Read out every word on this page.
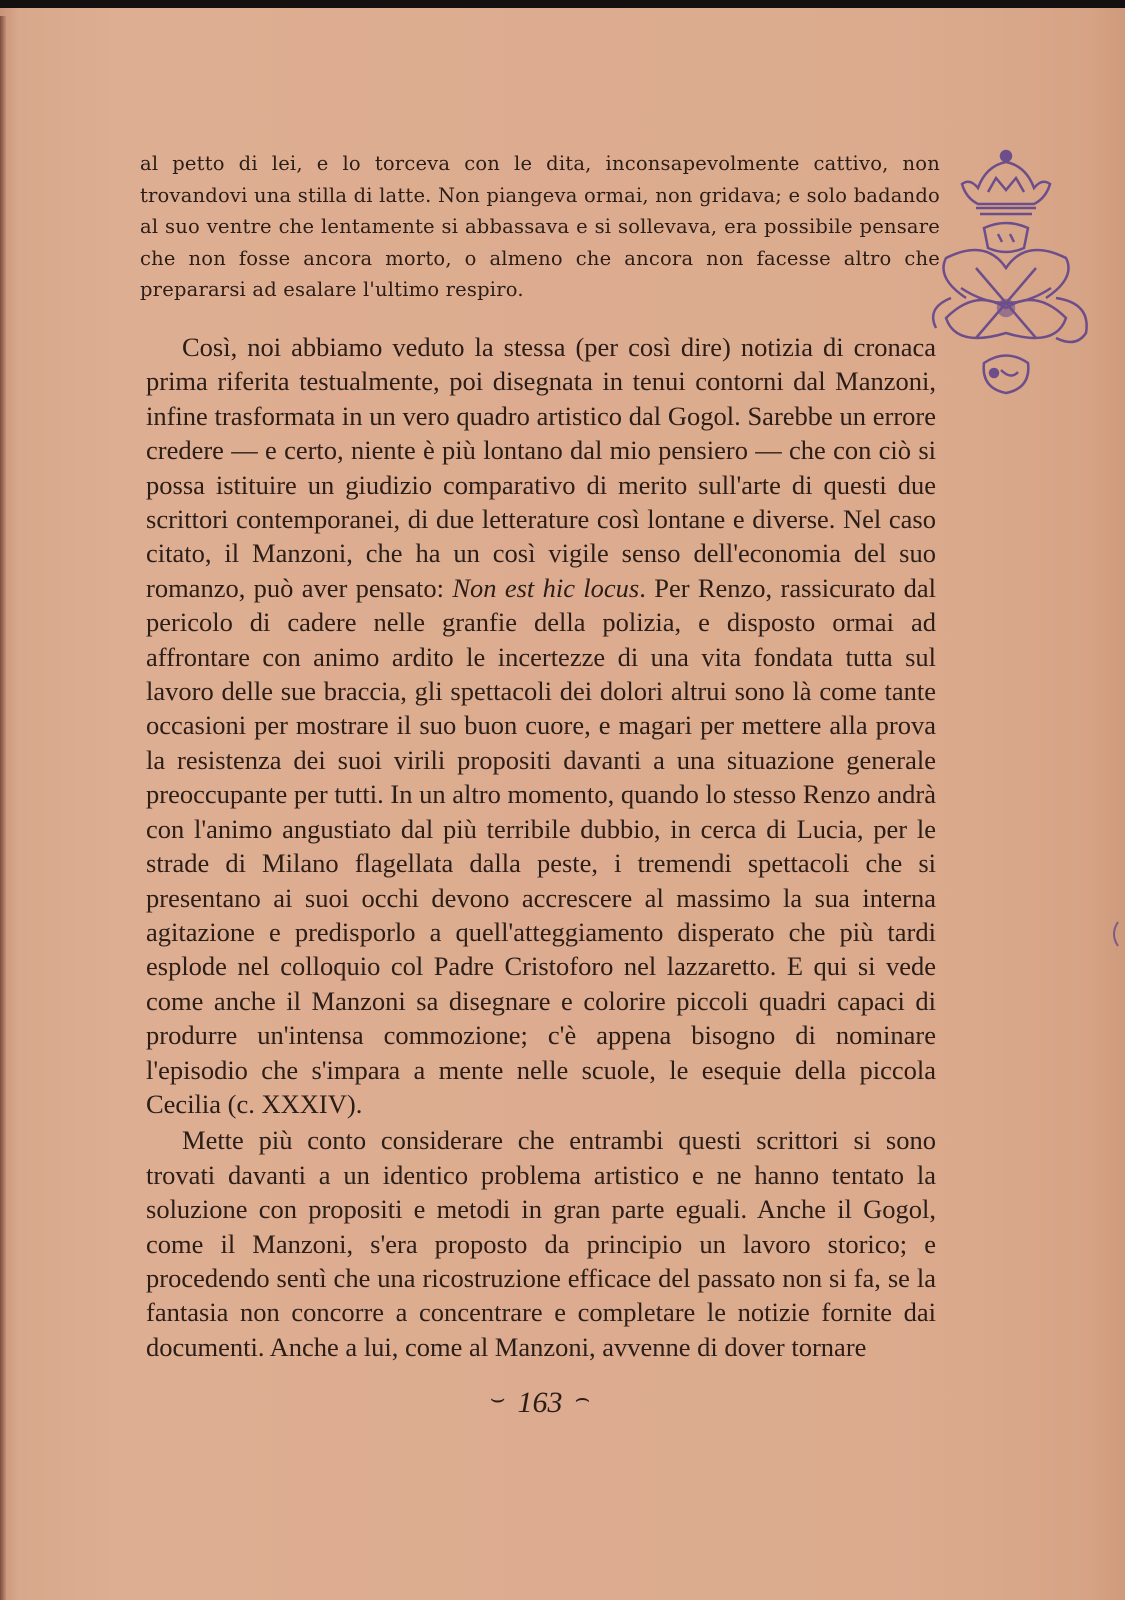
al petto di lei, e lo torceva con le dita, inconsapevolmente cattivo, non trovandovi una stilla di latte. Non piangeva ormai, non gridava; e solo badando al suo ventre che lentamente si abbassava e si sollevava, era possibile pensare che non fosse ancora morto, o almeno che ancora non facesse altro che prepararsi ad esalare l'ultimo respiro.

Così, noi abbiamo veduto la stessa (per così dire) notizia di cronaca prima riferita testualmente, poi disegnata in tenui contorni dal Manzoni, infine trasformata in un vero quadro artistico dal Gogol. Sarebbe un errore credere — e certo, niente è più lontano dal mio pensiero — che con ciò si possa istituire un giudizio comparativo di merito sull'arte di questi due scrittori contemporanei, di due letterature così lontane e diverse. Nel caso citato, il Manzoni, che ha un così vigile senso dell'economia del suo romanzo, può aver pensato: Non est hic locus. Per Renzo, rassicurato dal pericolo di cadere nelle granfie della polizia, e disposto ormai ad affrontare con animo ardito le incertezze di una vita fondata tutta sul lavoro delle sue braccia, gli spettacoli dei dolori altrui sono là come tante occasioni per mostrare il suo buon cuore, e magari per mettere alla prova la resistenza dei suoi virili propositi davanti a una situazione generale preoccupante per tutti. In un altro momento, quando lo stesso Renzo andrà con l'animo angustiato dal più terribile dubbio, in cerca di Lucia, per le strade di Milano flagellata dalla peste, i tremendi spettacoli che si presentano ai suoi occhi devono accrescere al massimo la sua interna agitazione e predisporlo a quell'atteggiamento disperato che più tardi esplode nel colloquio col Padre Cristoforo nel lazzaretto. E qui si vede come anche il Manzoni sa disegnare e colorire piccoli quadri capaci di produrre un'intensa commozione; c'è appena bisogno di nominare l'episodio che s'impara a mente nelle scuole, le esequie della piccola Cecilia (c. XXXIV).

Mette più conto considerare che entrambi questi scrittori si sono trovati davanti a un identico problema artistico e ne hanno tentato la soluzione con propositi e metodi in gran parte eguali. Anche il Gogol, come il Manzoni, s'era proposto da principio un lavoro storico; e procedendo sentì che una ricostruzione efficace del passato non si fa, se la fantasia non concorre a concentrare e completare le notizie fornite dai documenti. Anche a lui, come al Manzoni, avvenne di dover tornare

⌣ 163 ⌢
